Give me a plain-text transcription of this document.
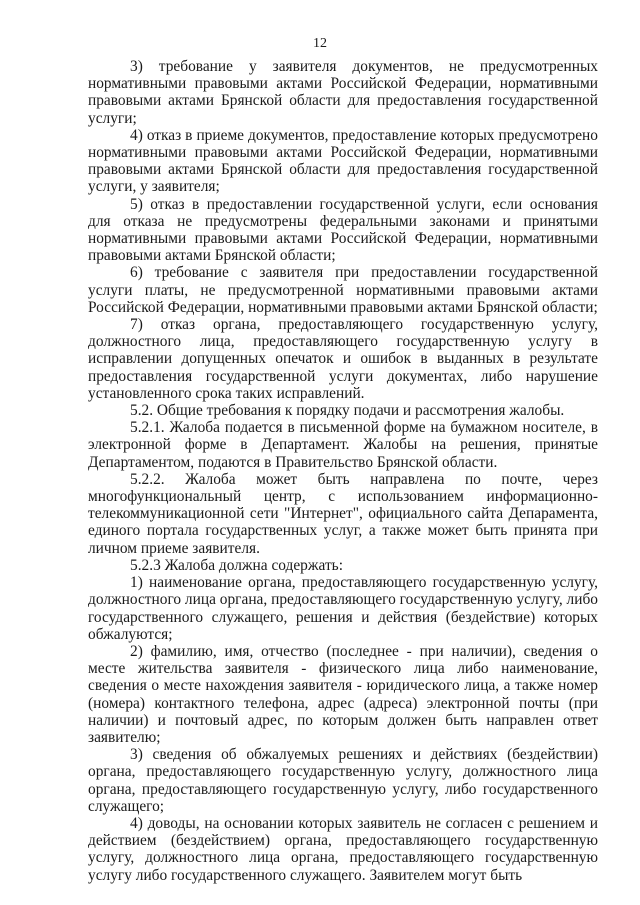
12

3) требование у заявителя документов, не предусмотренных нормативными правовыми актами Российской Федерации, нормативными правовыми актами Брянской области для предоставления государственной услуги;

4) отказ в приеме документов, предоставление которых предусмотрено нормативными правовыми актами Российской Федерации, нормативными правовыми актами Брянской области для предоставления государственной услуги, у заявителя;

5) отказ в предоставлении государственной услуги, если основания для отказа не предусмотрены федеральными законами и принятыми нормативными правовыми актами Российской Федерации, нормативными правовыми актами Брянской области;

6) требование с заявителя при предоставлении государственной услуги платы, не предусмотренной нормативными правовыми актами Российской Федерации, нормативными правовыми актами Брянской области;

7) отказ органа, предоставляющего государственную услугу, должностного лица, предоставляющего государственную услугу в исправлении допущенных опечаток и ошибок в выданных в результате предоставления государственной услуги документах, либо нарушение установленного срока таких исправлений.

5.2. Общие требования к порядку подачи и рассмотрения жалобы.

5.2.1. Жалоба подается в письменной форме на бумажном носителе, в электронной форме в Департамент. Жалобы на решения, принятые Департаментом, подаются в Правительство Брянской области.

5.2.2. Жалоба может быть направлена по почте, через многофункциональный центр, с использованием информационно-телекоммуникационной сети "Интернет", официального сайта Депарамента, единого портала государственных услуг, а также может быть принята при личном приеме заявителя.

5.2.3 Жалоба должна содержать:

1) наименование органа, предоставляющего государственную услугу, должностного лица органа, предоставляющего государственную услугу, либо государственного служащего, решения и действия (бездействие) которых обжалуются;

2) фамилию, имя, отчество (последнее - при наличии), сведения о месте жительства заявителя - физического лица либо наименование, сведения о месте нахождения заявителя - юридического лица, а также номер (номера) контактного телефона, адрес (адреса) электронной почты (при наличии) и почтовый адрес, по которым должен быть направлен ответ заявителю;

3) сведения об обжалуемых решениях и действиях (бездействии) органа, предоставляющего государственную услугу, должностного лица органа, предоставляющего государственную услугу, либо государственного служащего;

4) доводы, на основании которых заявитель не согласен с решением и действием (бездействием) органа, предоставляющего государственную услугу, должностного лица органа, предоставляющего государственную услугу либо государственного служащего. Заявителем могут быть
